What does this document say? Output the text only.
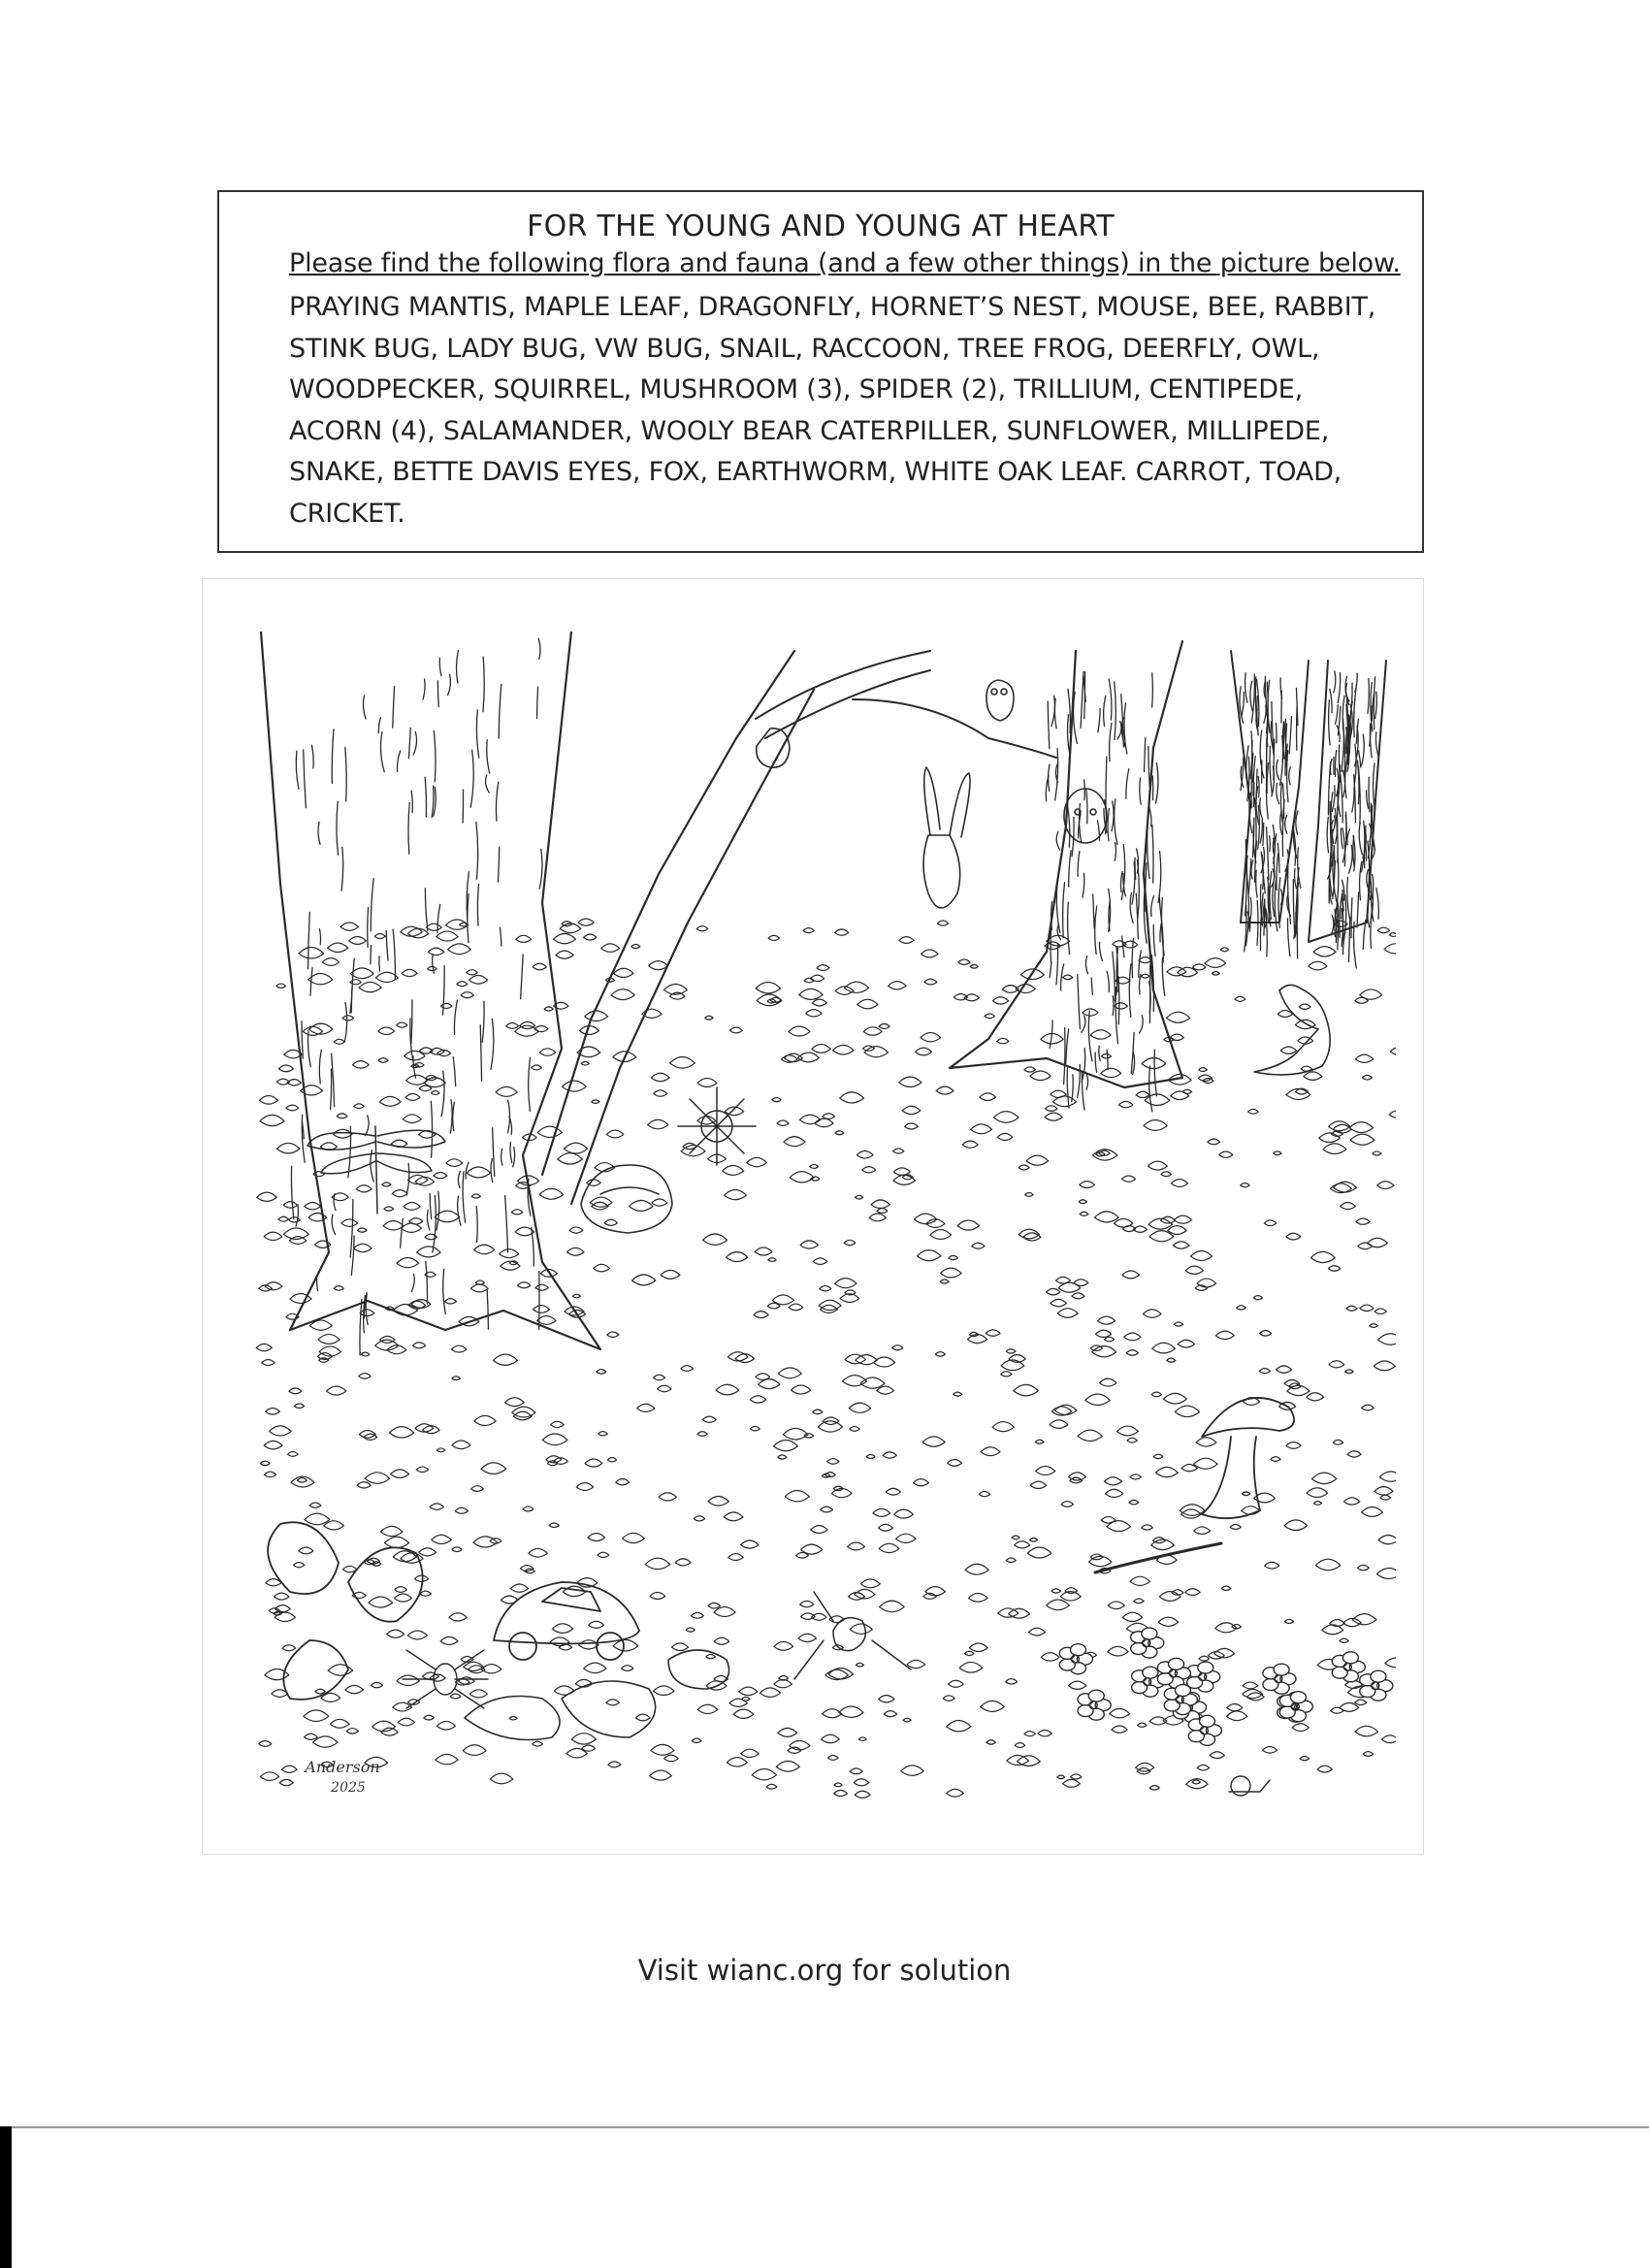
FOR THE YOUNG AND YOUNG AT HEART
Please find the following flora and fauna (and a few other things) in the picture below.
PRAYING MANTIS, MAPLE LEAF, DRAGONFLY, HORNET’S NEST, MOUSE, BEE, RABBIT,
STINK BUG, LADY BUG, VW BUG, SNAIL, RACCOON, TREE FROG, DEERFLY, OWL,
WOODPECKER, SQUIRREL, MUSHROOM (3), SPIDER (2), TRILLIUM, CENTIPEDE,
ACORN (4), SALAMANDER, WOOLY BEAR CATERPILLER, SUNFLOWER, MILLIPEDE,
SNAKE, BETTE DAVIS EYES, FOX, EARTHWORM, WHITE OAK LEAF. CARROT, TOAD,
CRICKET.
Anderson
2025
Visit wianc.org for solution
